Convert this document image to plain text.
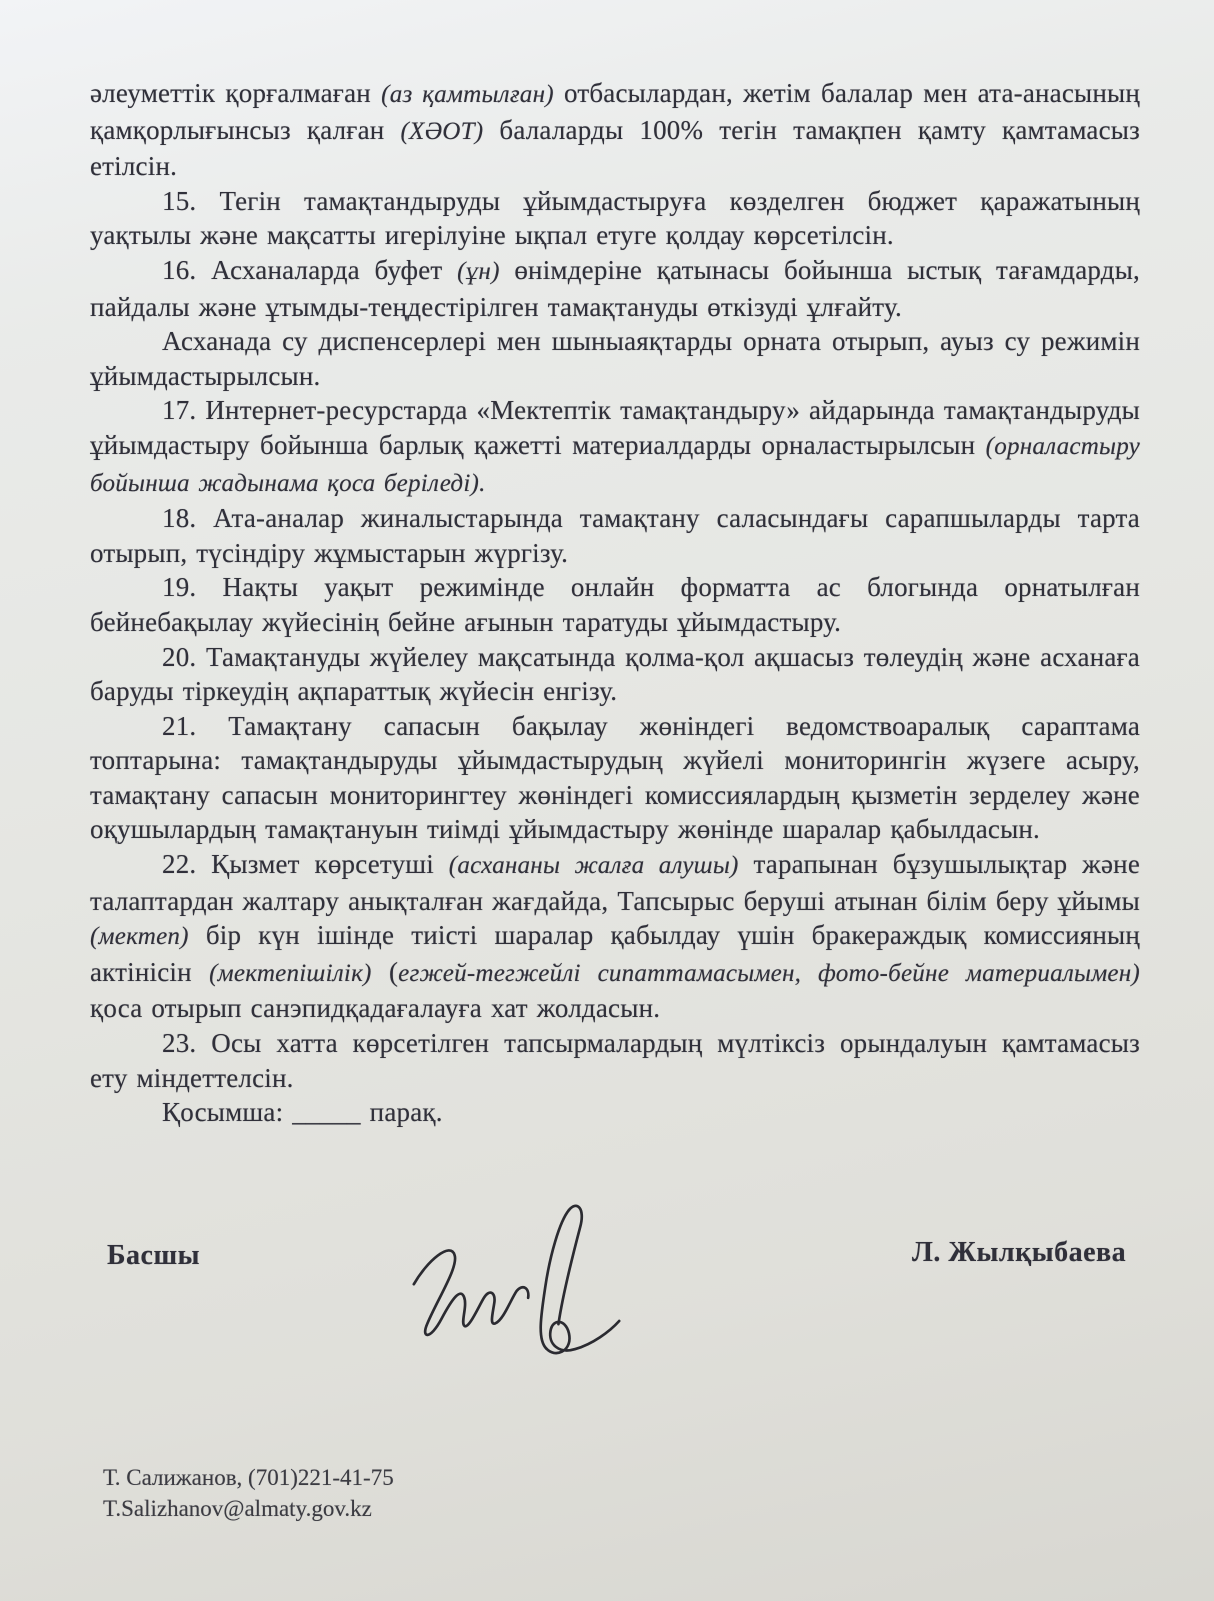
әлеуметтік қорғалмаған (аз қамтылған) отбасылардан, жетім балалар мен ата-анасының қамқорлығынсыз қалған (ХӘОТ) балаларды 100% тегін тамақпен қамту қамтамасыз етілсін.

15. Тегін тамақтандыруды ұйымдастыруға көзделген бюджет қаражатының уақтылы және мақсатты игерілуіне ықпал етуге қолдау көрсетілсін.

16. Асханаларда буфет (ұн) өнімдеріне қатынасы бойынша ыстық тағамдарды, пайдалы және ұтымды-теңдестірілген тамақтануды өткізуді ұлғайту.

Асханада су диспенсерлері мен шыныаяқтарды орната отырып, ауыз су режимін ұйымдастырылсын.

17. Интернет-ресурстарда «Мектептік тамақтандыру» айдарында тамақтандыруды ұйымдастыру бойынша барлық қажетті материалдарды орналастырылсын (орналастыру бойынша жадынама қоса беріледі).

18. Ата-аналар жиналыстарында тамақтану саласындағы сарапшыларды тарта отырып, түсіндіру жұмыстарын жүргізу.

19. Нақты уақыт режимінде онлайн форматта ас блогында орнатылған бейнебақылау жүйесінің бейне ағынын таратуды ұйымдастыру.

20. Тамақтануды жүйелеу мақсатында қолма-қол ақшасыз төлеудің және асханаға баруды тіркеудің ақпараттық жүйесін енгізу.

21. Тамақтану сапасын бақылау жөніндегі ведомствоаралық сараптама топтарына: тамақтандыруды ұйымдастырудың жүйелі мониторингін жүзеге асыру, тамақтану сапасын мониторингтеу жөніндегі комиссиялардың қызметін зерделеу және оқушылардың тамақтануын тиімді ұйымдастыру жөнінде шаралар қабылдасын.

22. Қызмет көрсетуші (асхананы жалға алушы) тарапынан бұзушылықтар және талаптардан жалтару анықталған жағдайда, Тапсырыс беруші атынан білім беру ұйымы (мектеп) бір күн ішінде тиісті шаралар қабылдау үшін бракераждық комиссияның актінісін (мектепішілік) (егжей-тегжейлі сипаттамасымен, фото-бейне материалымен) қоса отырып санэпидқадағалауға хат жолдасын.

23. Осы хатта көрсетілген тапсырмалардың мүлтіксіз орындалуын қамтамасыз ету міндеттелсін.

Қосымша: _____ парақ.

Басшы	Л. Жылқыбаева
Т. Салижанов, (701)221-41-75
T.Salizhanov@almaty.gov.kz
